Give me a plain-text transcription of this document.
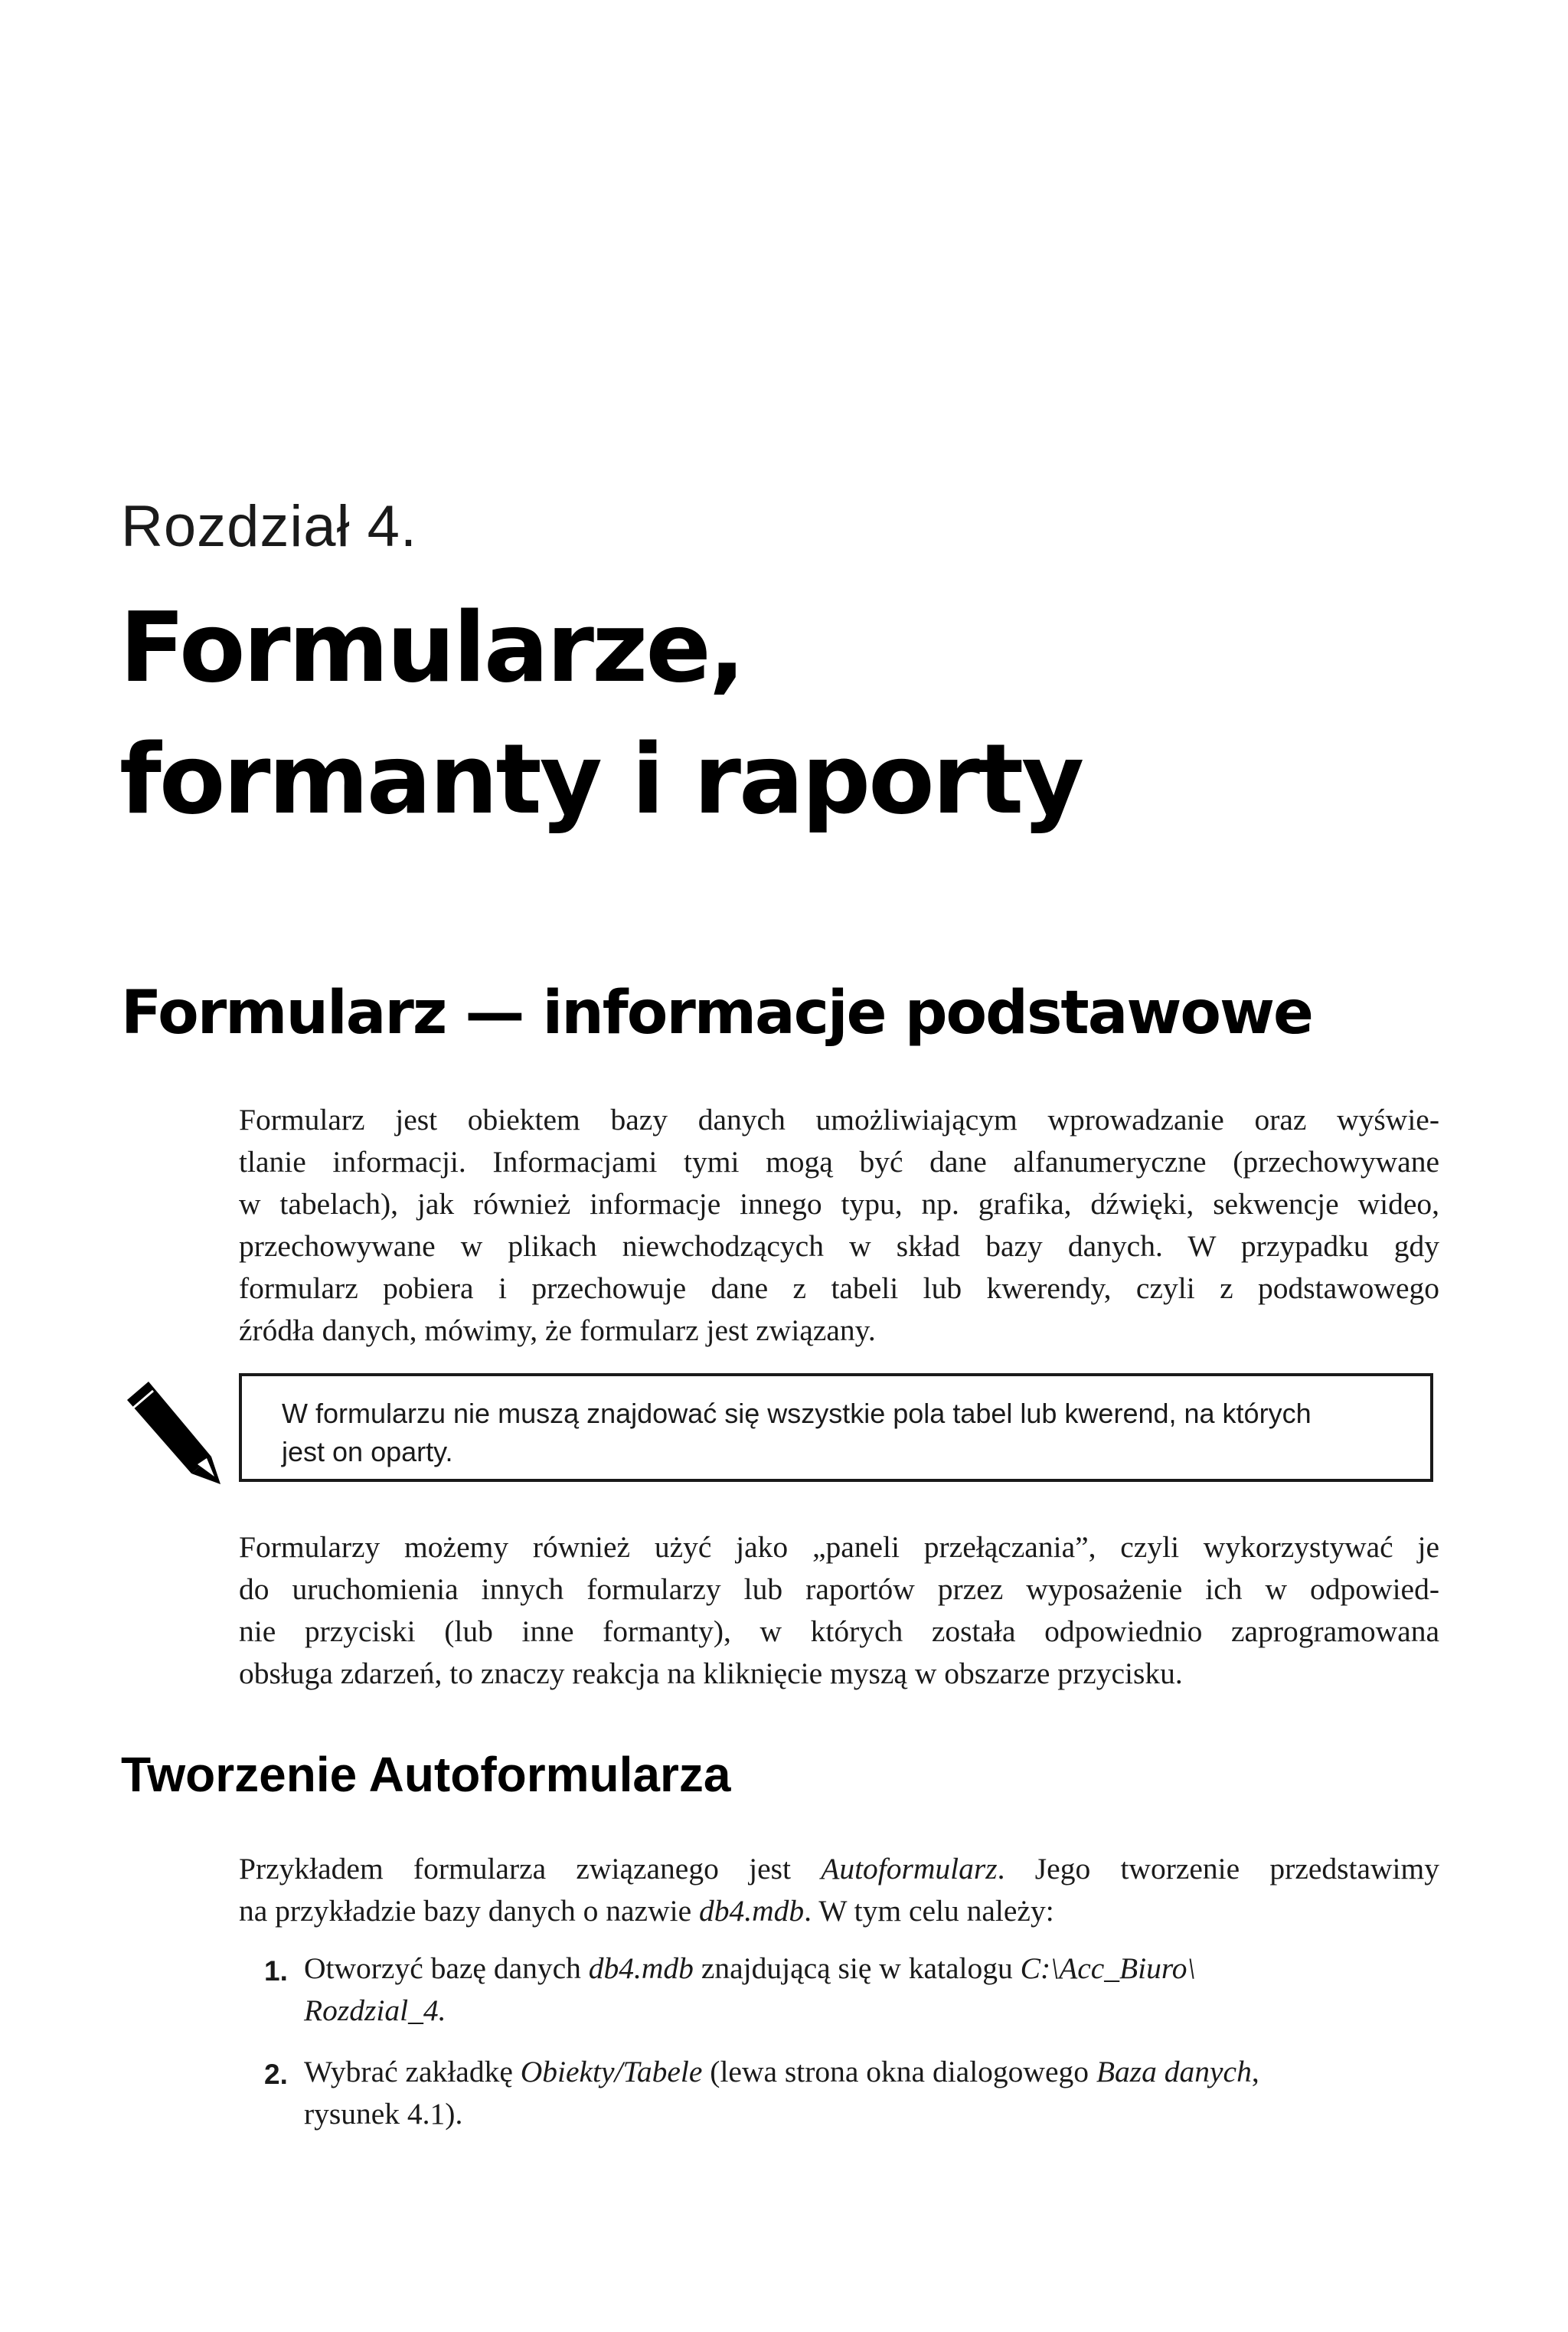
Rozdział 4.
Formularze,
formanty i raporty
Formularz — informacje podstawowe
Formularz jest obiektem bazy danych umożliwiającym wprowadzanie oraz wyświe-
tlanie informacji. Informacjami tymi mogą być dane alfanumeryczne (przechowywane
w tabelach), jak również informacje innego typu, np. grafika, dźwięki, sekwencje wideo,
przechowywane w plikach niewchodzących w skład bazy danych. W przypadku gdy
formularz pobiera i przechowuje dane z tabeli lub kwerendy, czyli z podstawowego
źródła danych, mówimy, że formularz jest związany.
W formularzu nie muszą znajdować się wszystkie pola tabel lub kwerend, na których
jest on oparty.
Formularzy możemy również użyć jako „paneli przełączania”, czyli wykorzystywać je
do uruchomienia innych formularzy lub raportów przez wyposażenie ich w odpowied-
nie przyciski (lub inne formanty), w których została odpowiednio zaprogramowana
obsługa zdarzeń, to znaczy reakcja na kliknięcie myszą w obszarze przycisku.
Tworzenie Autoformularza
Przykładem formularza związanego jest Autoformularz. Jego tworzenie przedstawimy
na przykładzie bazy danych o nazwie db4.mdb. W tym celu należy:
1. Otworzyć bazę danych db4.mdb znajdującą się w katalogu C:\Acc_Biuro\
Rozdzial_4.
2. Wybrać zakładkę Obiekty/Tabele (lewa strona okna dialogowego Baza danych,
rysunek 4.1).
